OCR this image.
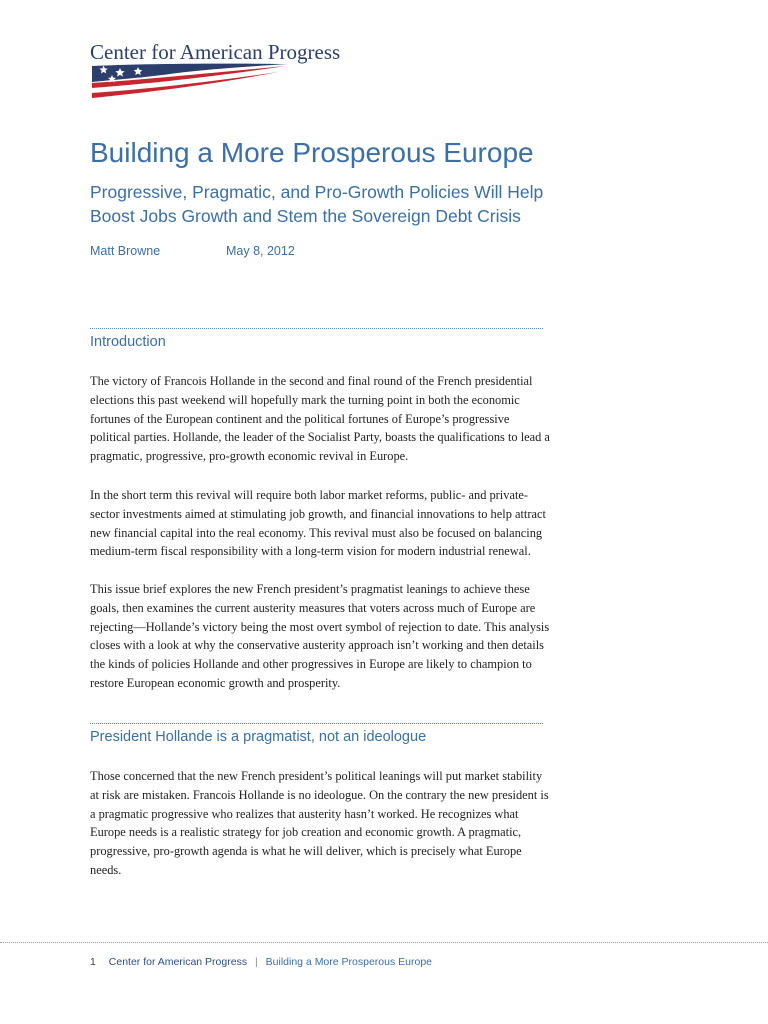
Center for American Progress
Building a More Prosperous Europe

Progressive, Pragmatic, and Pro-Growth Policies Will Help Boost Jobs Growth and Stem the Sovereign Debt Crisis

Matt Browne	May 8, 2012
Introduction

The victory of Francois Hollande in the second and final round of the French presidential elections this past weekend will hopefully mark the turning point in both the economic fortunes of the European continent and the political fortunes of Europe’s progressive political parties. Hollande, the leader of the Socialist Party, boasts the qualifications to lead a pragmatic, progressive, pro-growth economic revival in Europe.

In the short term this revival will require both labor market reforms, public- and private-sector investments aimed at stimulating job growth, and financial innovations to help attract new financial capital into the real economy. This revival must also be focused on balancing medium-term fiscal responsibility with a long-term vision for modern industrial renewal.

This issue brief explores the new French president’s pragmatist leanings to achieve these goals, then examines the current austerity measures that voters across much of Europe are rejecting—Hollande’s victory being the most overt symbol of rejection to date. This analysis closes with a look at why the conservative austerity approach isn’t working and then details the kinds of policies Hollande and other progressives in Europe are likely to champion to restore European economic growth and prosperity.

President Hollande is a pragmatist, not an ideologue

Those concerned that the new French president’s political leanings will put market stability at risk are mistaken. Francois Hollande is no ideologue. On the contrary the new president is a pragmatic progressive who realizes that austerity hasn’t worked. He recognizes what Europe needs is a realistic strategy for job creation and economic growth. A pragmatic, progressive, pro-growth agenda is what he will deliver, which is precisely what Europe needs.

1 Center for American Progress | Building a More Prosperous Europe
